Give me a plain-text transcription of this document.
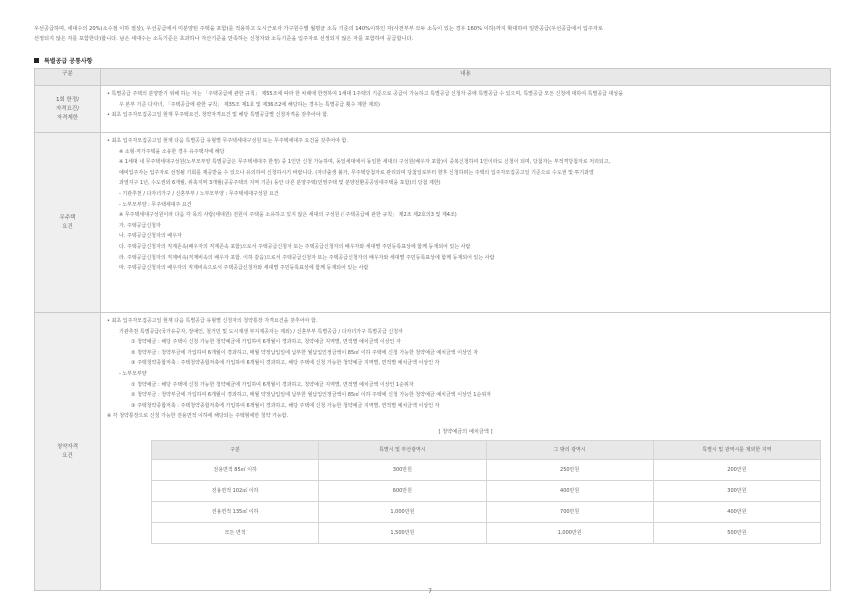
우선공급하며, 세대수의 20%(소수점 이하 절상), 우선공급에서 미분양된 주택을 포함)를 적용하고 도시근로자 가구원수별 월평균 소득 기준의 140%이하인 자(사전부부 모두 소득이 있는 경우 160% 이하)까지 확대하여 일반공급(우선공급에서 입주자로

선정되지 않은 자를 포함한다)합니다. 남은 세대수는 소득기준은 초과하나 자산기준을 만족하는 신청자와 소득기준을 입주자로 선정되지 않은 자를 포함하여 공급합니다.

특별공급 공통사항
구분	내용

1회 한정/
자격요건/
자격제한

• 특별공급 주택의 분양받기 위해 하는 자는 「주택공급에 관한 규칙」 제55조에 따라 한 차례에 한정하여 1세대 1주택의 기준으로 공급이 가능하고 특별공급 신청자 중에 특별공급 수 있으며, 특별공급 모든 신청에 대하여 특별공급 대상을
우 본부 기준 다자녀, 「주택공급에 관한 규칙」 제35조 제1호 및 제36조2에 해당하는 경우는 특별공급 횟수 제한 제외)
• 최초 입주자모집공고일 현재 무주택요건, 청약자격요건 및 해당 특별공급별 신청자격을 갖추어야 함.

무주택
요건

• 최초 입주자모집공고일 현재 다음 특별공급 유형별 무주택세대구성원 또는 무주택세대주 요건을 갖추어야 함.
※ 소형·저가주택을 소유한 경우 유주택자에 해당
※ 1세대 내 무주택세대구성원(노부모부양 특별공급은 무주택세대주 한정) 중 1인만 신청 가능하며, 동일세대에서 동일한 세대의 구성원(배우자 포함)이 중복신청하여 1인이라도 신청이 되며, 당첨자는 부적격당첨자로 처리되고,
예비입주자는 입주자로 선정될 기회를 제공받을 수 있으나 유의하여 신청하시기 바랍니다. (자녀출생 불가, 무주택당첨자로 관리되며 당첨일로부터 향후 신청하려는 주택의 입주자모집공고일 기준으로 수도권 및 투기과열
과열지구 1년, 수도권외 6개월, 위축지역 3개월(공공주택의 지역 기준) 동안 다른 분양주택(민영주택 및 분양전환공공임대주택을 포함)의 당첨 제한)
- 기관추천 / 다자녀가구 / 신혼부부 / 노부모부양 : 무주택세대구성원 요건
- 노부모부양 : 무주택세대주 요건
※ 무주택세대구성원이라 다음 각 목의 사람(세대원) 전원이 주택을 소유하고 있지 않은 세대의 구성원 (「주택공급에 관한 규칙」 제2조 제2호의3 및 제4조)
가. 주택공급신청자
나. 주택공급신청자의 배우자
다. 주택공급신청자의 직계존속(배우자의 직계존속 포함)으로서 주택공급신청자 또는 주택공급신청자의 배우자와 세대별 주민등록표상에 함께 등재되어 있는 사람
라. 주택공급신청자의 직계비속(직계비속의 배우자 포함. 이하 같음)으로서 주택공급신청자 또는 주택공급신청자의 배우자와 세대별 주민등록표상에 함께 등재되어 있는 사람
마. 주택공급신청자의 배우자의 직계비속으로서 주택공급신청자와 세대별 주민등록표상에 함께 등재되어 있는 사람

청약자격
요건

• 최초 입주자모집공고일 현재 다음 특별공급 유형별 신청자의 청약통장 자격요건을 갖추어야 함.
기관추천 특별공급(국가유공자, 장애인, 철거민 및 도시재생 부지제공자는 제외) / 신혼부부 특별공급 / 다자녀가구 특별공급 신청자
① 청약예금 : 해당 주택이 신청 가능한 청약예금에 가입하여 6개월이 경과하고, 청약예금 지역별, 면적별 예치금액 이상인 자
② 청약부금 : 청약부금에 가입하여 6개월이 경과하고, 매월 약정납입일에 납부한 월납입인정금액이 85㎡ 이하 주택에 신청 가능한 청약예금 예치금액 이상인 자
③ 주택청약종합저축 : 주택청약종합저축에 가입하여 6개월이 경과하고, 해당 주택에 신청 가능한 청약예금 지역별, 면적별 예치금액 이상인 자
- 노부모부양
① 청약예금 : 해당 주택에 신청 가능한 청약예금에 가입하여 6개월이 경과하고, 청약예금 지역별, 면적별 예치금액 이상인 1순위자
② 청약부금 : 청약부금에 가입하여 6개월이 경과하고, 매월 약정납입일에 납부한 월납입인정금액이 85㎡ 이하 주택에 신청 가능한 청약예금 예치금액 이상인 1순위자
③ 주택청약종합저축 : 주택청약종합저축에 가입하여 6개월이 경과하고, 해당 주택에 신청 가능한 청약예금 지역별, 면적별 예치금액 이상인 자
※ 각 청약통장으로 신청 가능한 전용면적 이하에 해당되는 주택형에만 청약 가능함.
[ 청약예금의 예치금액 ]
구분	특별시 및 부산광역시	그 밖의 광역시	특별시 및 광역시를 제외한 지역
전용면적 85㎡ 이하	300만원	250만원	200만원
전용면적 102㎡ 이하	600만원	400만원	300만원
전용면적 135㎡ 이하	1,000만원	700만원	400만원
모든 면적	1,500만원	1,000만원	500만원
7
